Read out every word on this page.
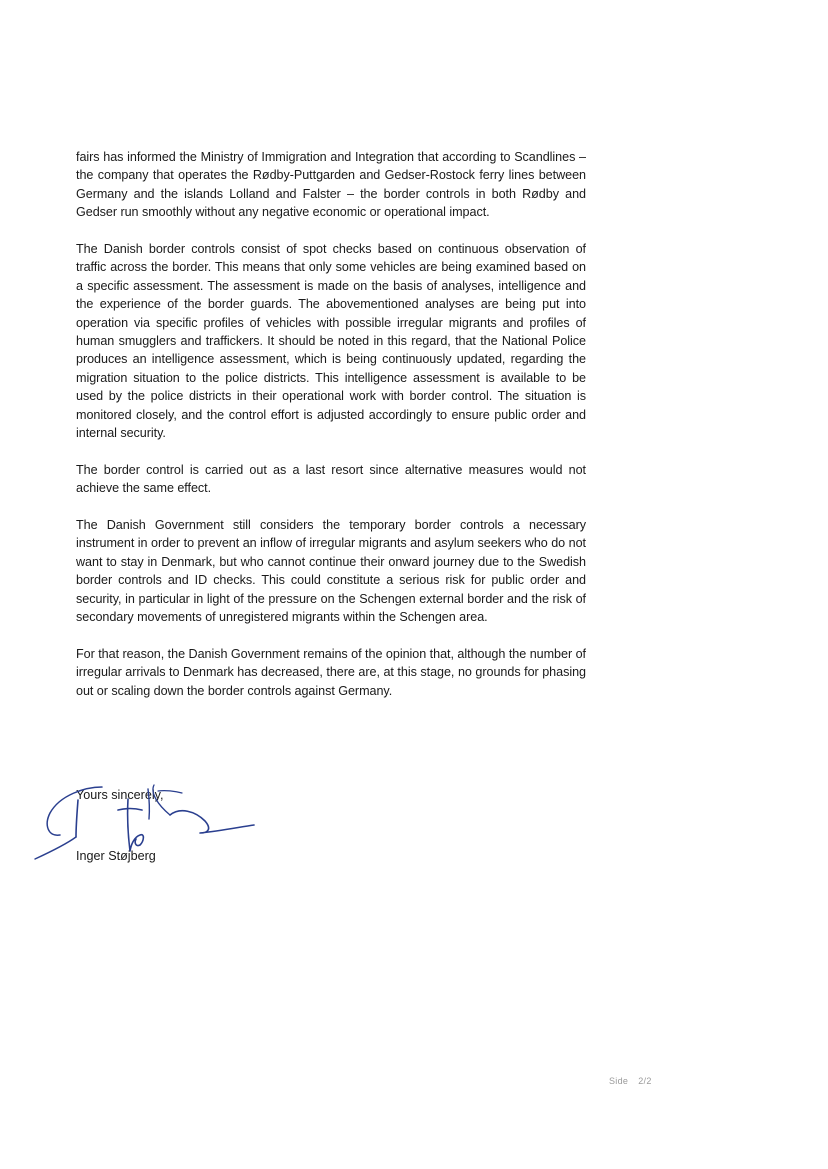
fairs has informed the Ministry of Immigration and Integration that according to Scandlines – the company that operates the Rødby-Puttgarden and Gedser-Rostock ferry lines between Germany and the islands Lolland and Falster – the border controls in both Rødby and Gedser run smoothly without any negative economic or operational impact.

The Danish border controls consist of spot checks based on continuous observation of traffic across the border. This means that only some vehicles are being examined based on a specific assessment. The assessment is made on the basis of analyses, intelligence and the experience of the border guards. The abovementioned analyses are being put into operation via specific profiles of vehicles with possible irregular migrants and profiles of human smugglers and traffickers. It should be noted in this regard, that the National Police produces an intelligence assessment, which is being continuously updated, regarding the migration situation to the police districts. This intelligence assessment is available to be used by the police districts in their operational work with border control. The situation is monitored closely, and the control effort is adjusted accordingly to ensure public order and internal security.

The border control is carried out as a last resort since alternative measures would not achieve the same effect.

The Danish Government still considers the temporary border controls a necessary instrument in order to prevent an inflow of irregular migrants and asylum seekers who do not want to stay in Denmark, but who cannot continue their onward journey due to the Swedish border controls and ID checks. This could constitute a serious risk for public order and security, in particular in light of the pressure on the Schengen external border and the risk of secondary movements of unregistered migrants within the Schengen area.

For that reason, the Danish Government remains of the opinion that, although the number of irregular arrivals to Denmark has decreased, there are, at this stage, no grounds for phasing out or scaling down the border controls against Germany.

Yours sincerely,
Inger Støjberg
Side 2/2
